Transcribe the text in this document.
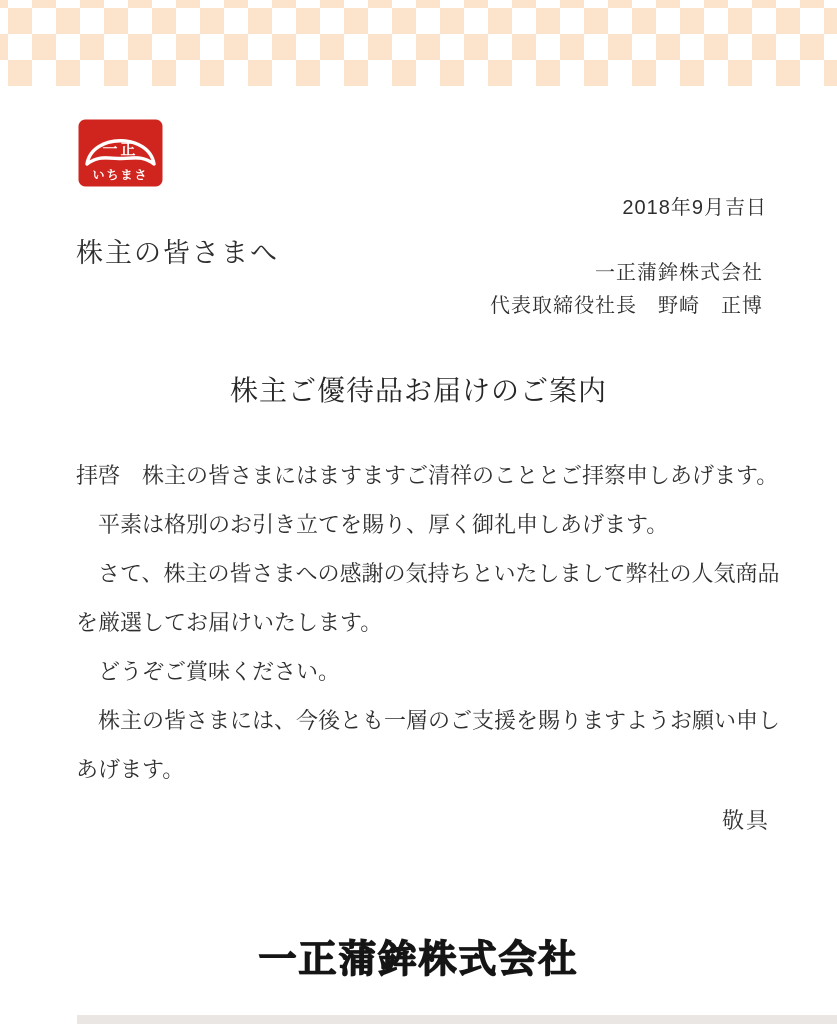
一正
いちまさ
2018年9月吉日
株主の皆さまへ
一正蒲鉾株式会社
代表取締役社長　野崎　正博
株主ご優待品お届けのご案内

拝啓　株主の皆さまにはますますご清祥のこととご拝察申しあげます。

平素は格別のお引き立てを賜り、厚く御礼申しあげます。

さて、株主の皆さまへの感謝の気持ちといたしまして弊社の人気商品を厳選してお届けいたします。

どうぞご賞味ください。

株主の皆さまには、今後とも一層のご支援を賜りますようお願い申しあげます。

敬具
一正蒲鉾株式会社
